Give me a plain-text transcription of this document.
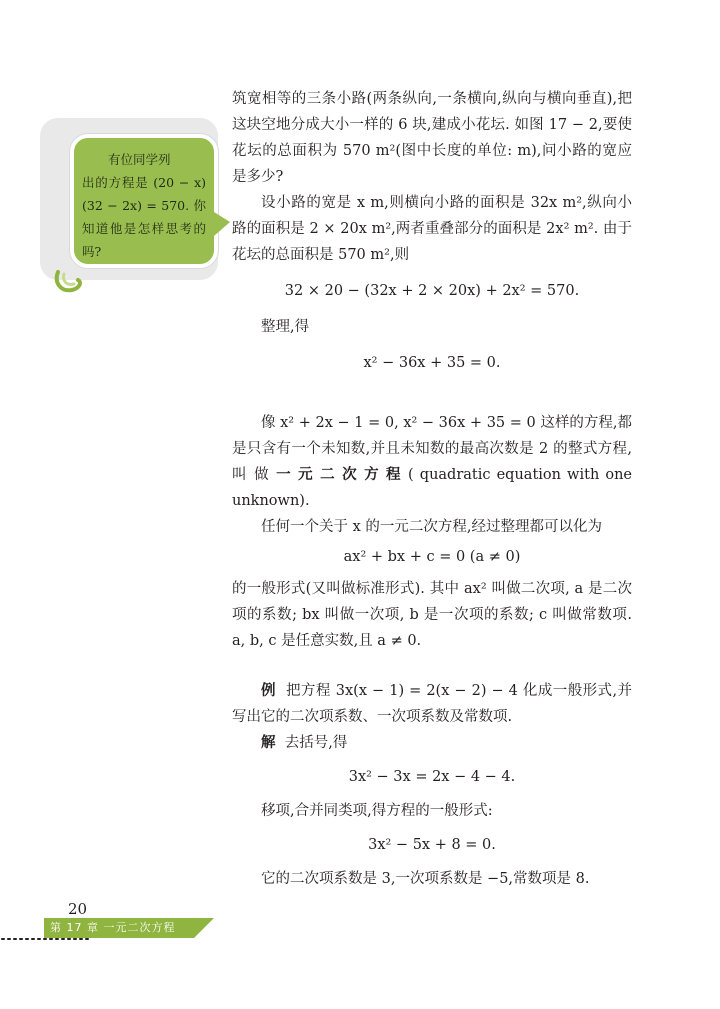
有位同学列
出的方程是 (20 − x)(32 − 2x) = 570. 你知道他是怎样思考的吗?

筑宽相等的三条小路(两条纵向,一条横向,纵向与横向垂直),把这块空地分成大小一样的 6 块,建成小花坛. 如图 17 − 2,要使花坛的总面积为 570 m²(图中长度的单位: m),问小路的宽应是多少?

设小路的宽是 x m,则横向小路的面积是 32x m²,纵向小路的面积是 2 × 20x m²,两者重叠部分的面积是 2x² m². 由于花坛的总面积是 570 m²,则

32 × 20 − (32x + 2 × 20x) + 2x² = 570.

整理,得

x² − 36x + 35 = 0.

像 x² + 2x − 1 = 0, x² − 36x + 35 = 0 这样的方程,都是只含有一个未知数,并且未知数的最高次数是 2 的整式方程,叫 做 一元二次方程( quadratic equation with one unknown).

任何一个关于 x 的一元二次方程,经过整理都可以化为

ax² + bx + c = 0 (a ≠ 0)

的一般形式(又叫做标准形式). 其中 ax² 叫做二次项, a 是二次项的系数; bx 叫做一次项, b 是一次项的系数; c 叫做常数项. a, b, c 是任意实数,且 a ≠ 0.

例 把方程 3x(x − 1) = 2(x − 2) − 4 化成一般形式,并写出它的二次项系数、一次项系数及常数项.

解 去括号,得

3x² − 3x = 2x − 4 − 4.

移项,合并同类项,得方程的一般形式:

3x² − 5x + 8 = 0.

它的二次项系数是 3,一次项系数是 −5,常数项是 8.

20
第 17 章 一元二次方程
